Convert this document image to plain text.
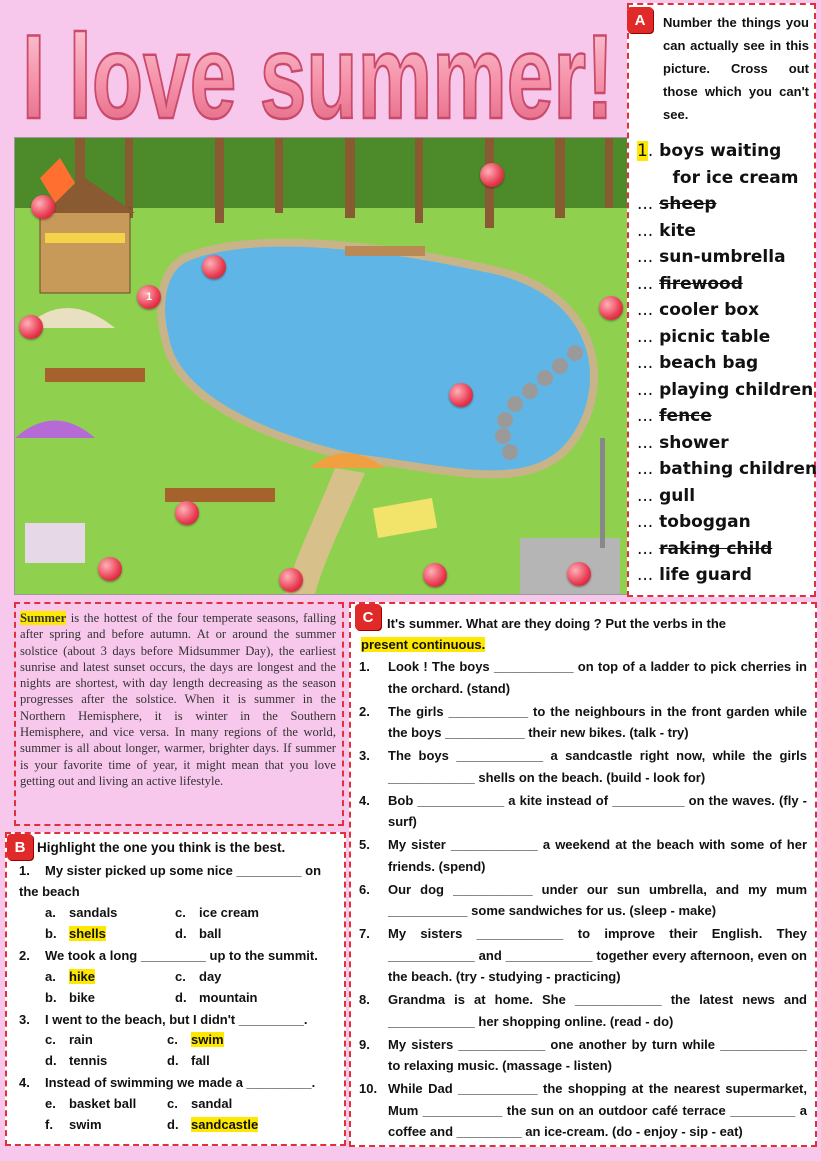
I love summer!
1
A	Number the things you can actually see in this picture. Cross out those which you can't see.
1. boys waiting
for ice cream
... sheep
... kite
... sun-umbrella
... firewood
... cooler box
... picnic table
... beach bag
... playing children
... fence
... shower
... bathing children
... gull
... toboggan
... raking child
... life guard
Summer is the hottest of the four temperate seasons, falling after spring and before autumn. At or around the summer solstice (about 3 days before Midsummer Day), the earliest sunrise and latest sunset occurs, the days are longest and the nights are shortest, with day length decreasing as the season progresses after the solstice. When it is summer in the Northern Hemisphere, it is winter in the Southern Hemisphere, and vice versa. In many regions of the world, summer is all about longer, warmer, brighter days. If summer is your favorite time of year, it might mean that you love getting out and living an active lifestyle.
B Highlight the one you think is the best.
1. My sister picked up some nice _________ on the beach
a. sandals	c. ice cream
b. shells	d. ball
2. We took a long _________ up to the summit.
a. hike	c. day
b. bike	d. mountain
3. I went to the beach, but I didn't _________.
c. rain	c. swim
d. tennis	d. fall
4. Instead of swimming we made a _________.
e. basket ball c. sandal
f. swim	d. sandcastle
C	It's summer. What are they doing ? Put the verbs in the
present continuous.
1.	Look ! The boys ___________ on top of a ladder to pick cherries in the orchard. (stand)
2.	The girls ___________ to the neighbours in the front garden while the boys ___________ their new bikes. (talk - try)
3.	The boys ____________ a sandcastle right now, while the girls ____________ shells on the beach. (build - look for)
4.	Bob ____________ a kite instead of __________ on the waves. (fly - surf)
5.	My sister ____________ a weekend at the beach with some of her friends. (spend)
6.	Our dog ___________ under our sun umbrella, and my mum ___________ some sandwiches for us. (sleep - make)
7.	My sisters ____________ to improve their English. They ____________ and ____________ together every afternoon, even on the beach. (try - studying - practicing)
8.	Grandma is at home. She ____________ the latest news and ____________ her shopping online. (read - do)
9.	My sisters ____________ one another by turn while ____________ to relaxing music. (massage - listen)
10. While Dad ___________ the shopping at the nearest supermarket, Mum ___________ the sun on an outdoor café terrace _________ a coffee and _________ an ice-cream. (do - enjoy - sip - eat)
